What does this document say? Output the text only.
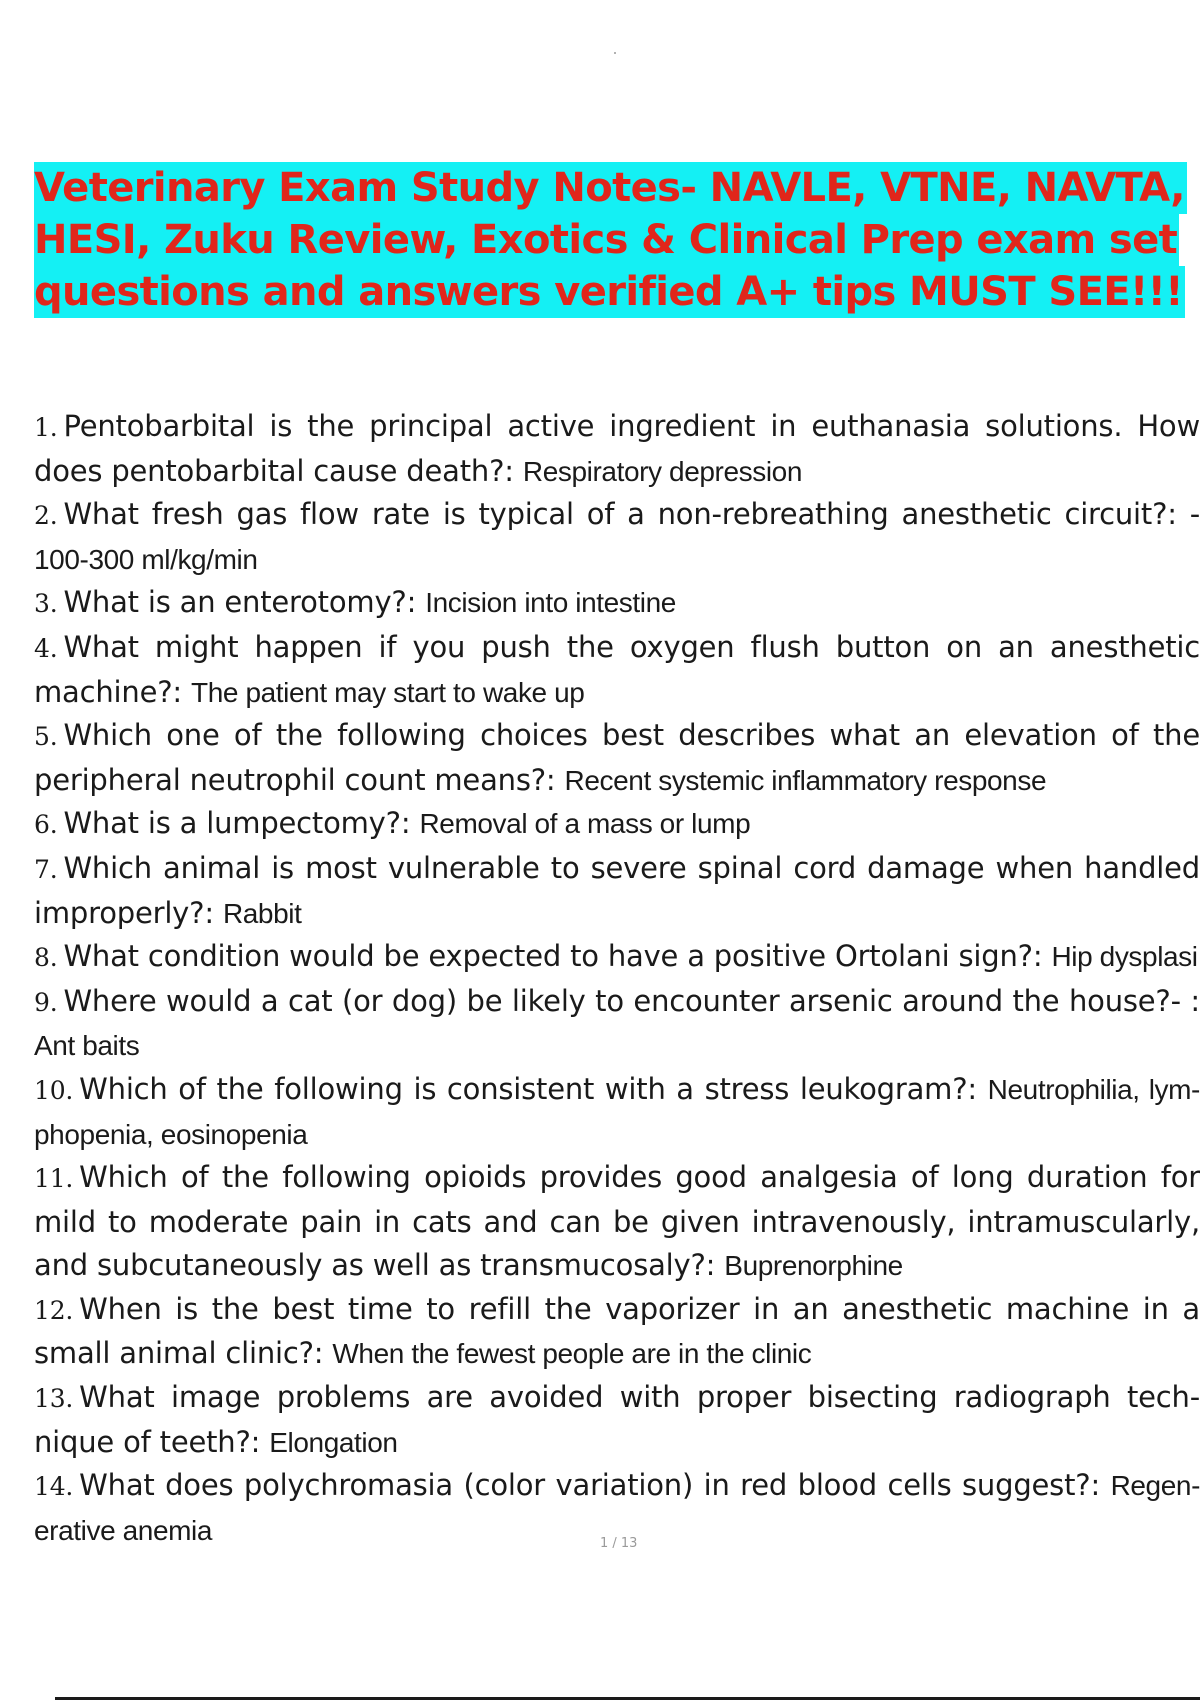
Veterinary Exam Study Notes- NAVLE, VTNE, NAVTA,
HESI, Zuku Review, Exotics & Clinical Prep exam set
questions and answers verified A+ tips MUST SEE!!!

1. Pentobarbital is the principal active ingredient in euthanasia solutions. How does pentobarbital cause death?: Respiratory depression

2. What fresh gas flow rate is typical of a non-rebreathing anesthetic circuit?: - 100-300 ml/kg/min

3. What is an enterotomy?: Incision into intestine

4. What might happen if you push the oxygen flush button on an anesthetic machine?: The patient may start to wake up

5. Which one of the following choices best describes what an elevation of the peripheral neutrophil count means?: Recent systemic inflammatory response

6. What is a lumpectomy?: Removal of a mass or lump

7. Which animal is most vulnerable to severe spinal cord damage when handled improperly?: Rabbit

8. What condition would be expected to have a positive Ortolani sign?: Hip dysplasi

9. Where would a cat (or dog) be likely to encounter arsenic around the house?- : Ant baits

10. Which of the following is consistent with a stress leukogram?: Neutrophilia, lym- phopenia, eosinopenia

11. Which of the following opioids provides good analgesia of long duration for mild to moderate pain in cats and can be given intravenously, intramuscularly, and subcutaneously as well as transmucosaly?: Buprenorphine

12. When is the best time to refill the vaporizer in an anesthetic machine in a small animal clinic?: When the fewest people are in the clinic

13. What image problems are avoided with proper bisecting radiograph tech- nique of teeth?: Elongation

14. What does polychromasia (color variation) in red blood cells suggest?: Regen- erative anemia	1 / 13
